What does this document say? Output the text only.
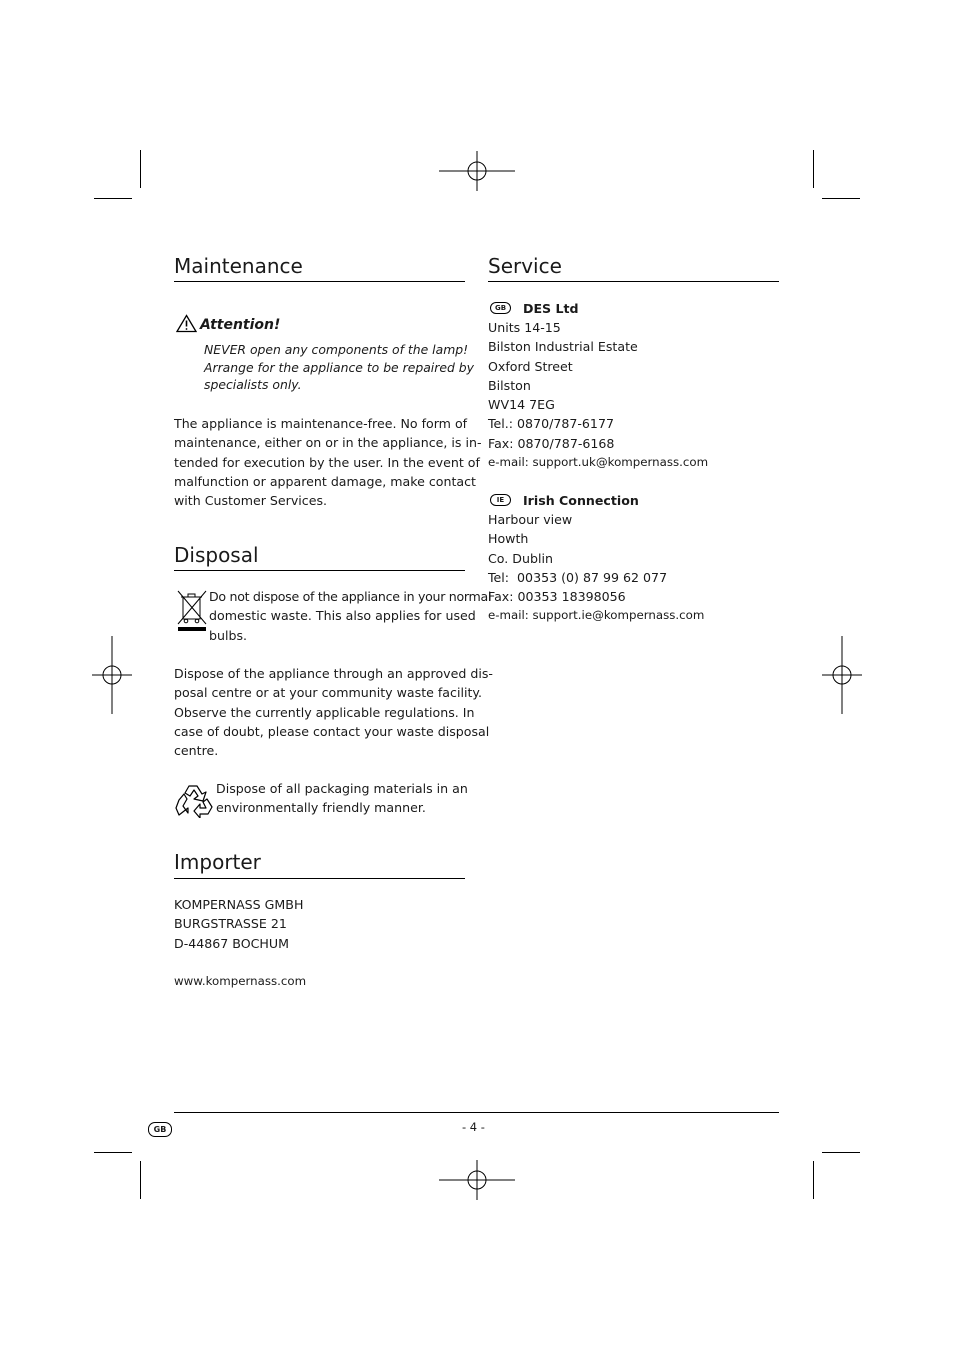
Maintenance
Attention!
NEVER open any components of the lamp!
Arrange for the appliance to be repaired by
specialists only.
The appliance is maintenance-free. No form of
maintenance, either on or in the appliance, is in-
tended for execution by the user. In the event of
malfunction or apparent damage, make contact
with Customer Services.
Disposal
Do not dispose of the appliance in your normal
domestic waste. This also applies for used
bulbs.
Dispose of the appliance through an approved dis-
posal centre or at your community waste facility.
Observe the currently applicable regulations. In
case of doubt, please contact your waste disposal
centre.
Dispose of all packaging materials in an
environmentally friendly manner.
Importer
KOMPERNASS GMBH
BURGSTRASSE 21
D-44867 BOCHUM
www.kompernass.com
Service
GB	DES Ltd
Units 14-15
Bilston Industrial Estate
Oxford Street
Bilston
WV14 7EG
Tel.: 0870/787-6177
Fax: 0870/787-6168
e-mail: support.uk@kompernass.com
IE	Irish Connection
Harbour view
Howth
Co. Dublin
Tel:  00353 (0) 87 99 62 077
Fax: 00353 18398056
e-mail: support.ie@kompernass.com
GB	- 4 -
